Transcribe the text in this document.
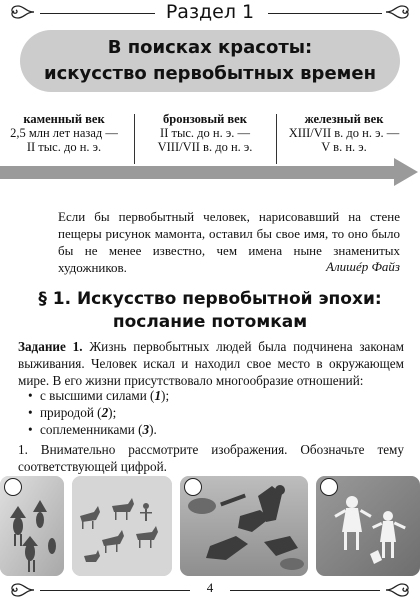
Раздел 1
В поисках красоты:
искусство первобытных времен
каменный век
2,5 млн лет назад —
II тыс. до н. э.
бронзовый век
II тыс. до н. э. —
VIII/VII в. до н. э.
железный век
XIII/VII в. до н. э. —
V в. н. э.

Если бы первобытный человек, нарисовавший на стене пещеры рисунок мамонта, оставил бы свое имя, то оно было бы не менее известно, чем имена ныне знаменитых художников.	Алишéр Файз
§ 1. Искусство первобытной эпохи:
послание потомкам

Задание 1. Жизнь первобытных людей была подчинена законам выживания. Человек искал и находил свое место в окружающем мире. В его жизни присутствовало многообразие отношений:

• с высшими силами (1);
• природой (2);
• соплеменниками (3).

1. Внимательно рассмотрите изображения. Обозначьте тему соответствующей цифрой.

4
